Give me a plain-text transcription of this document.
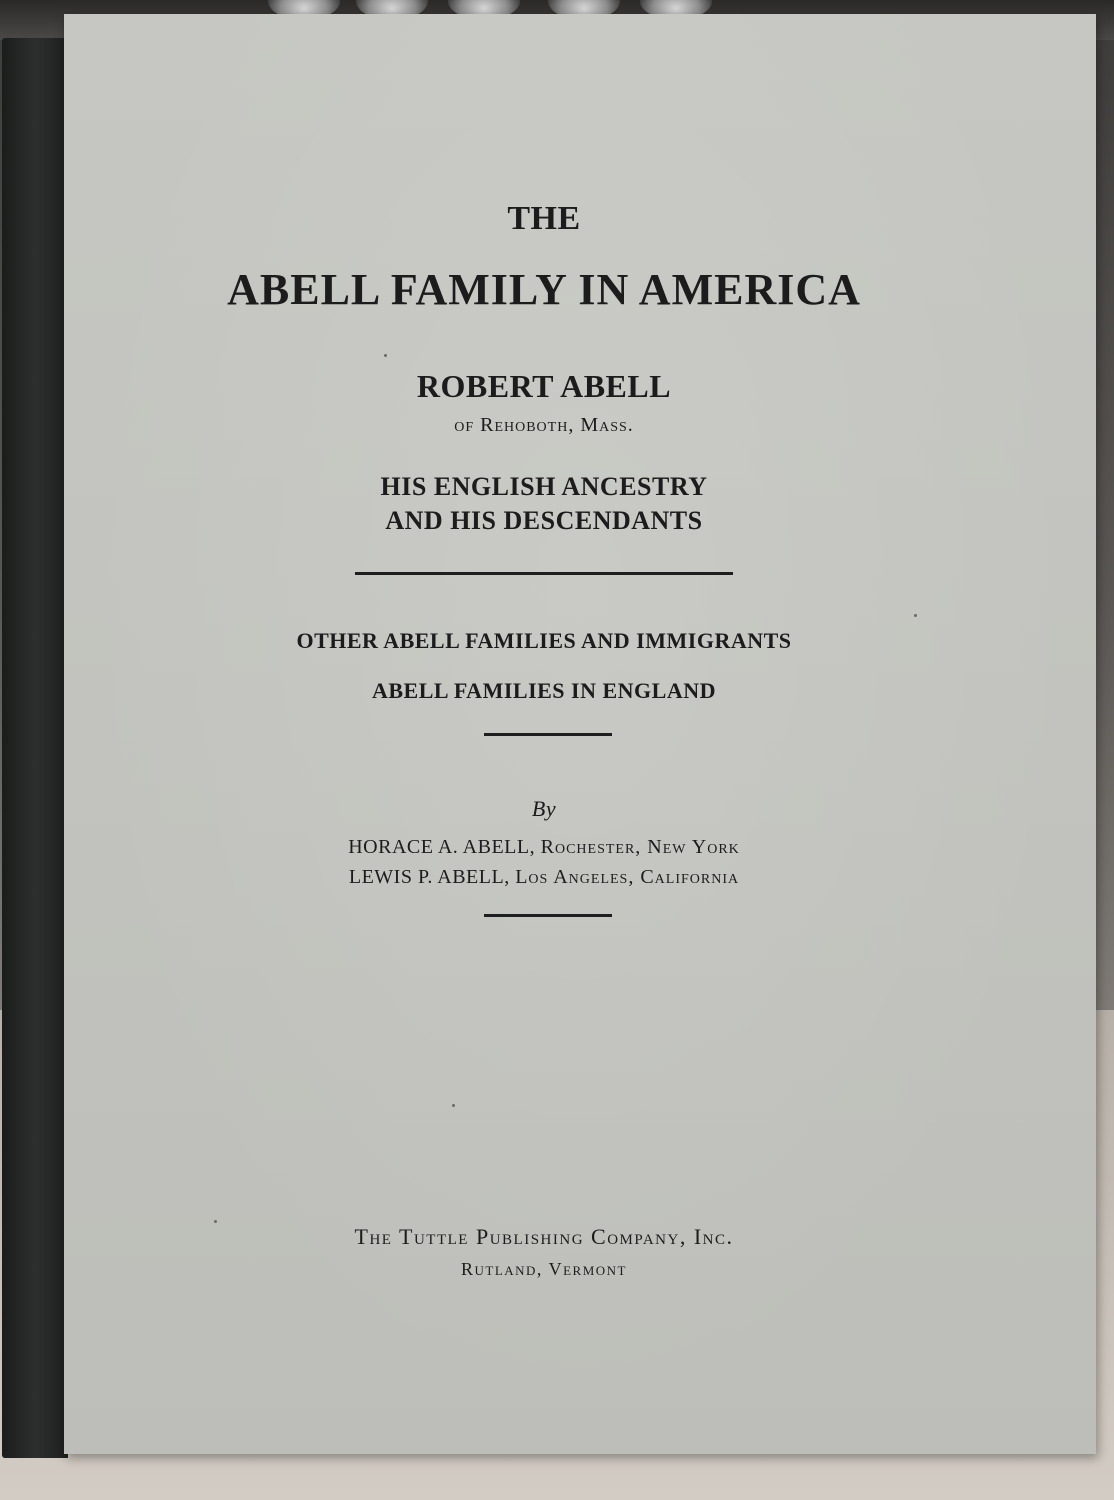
THE
ABELL FAMILY IN AMERICA
ROBERT ABELL
of Rehoboth, Mass.
HIS ENGLISH ANCESTRY
AND HIS DESCENDANTS
OTHER ABELL FAMILIES AND IMMIGRANTS
ABELL FAMILIES IN ENGLAND
By
HORACE A. ABELL, Rochester, New York
LEWIS P. ABELL, Los Angeles, California
The Tuttle Publishing Company, Inc.
Rutland, Vermont
